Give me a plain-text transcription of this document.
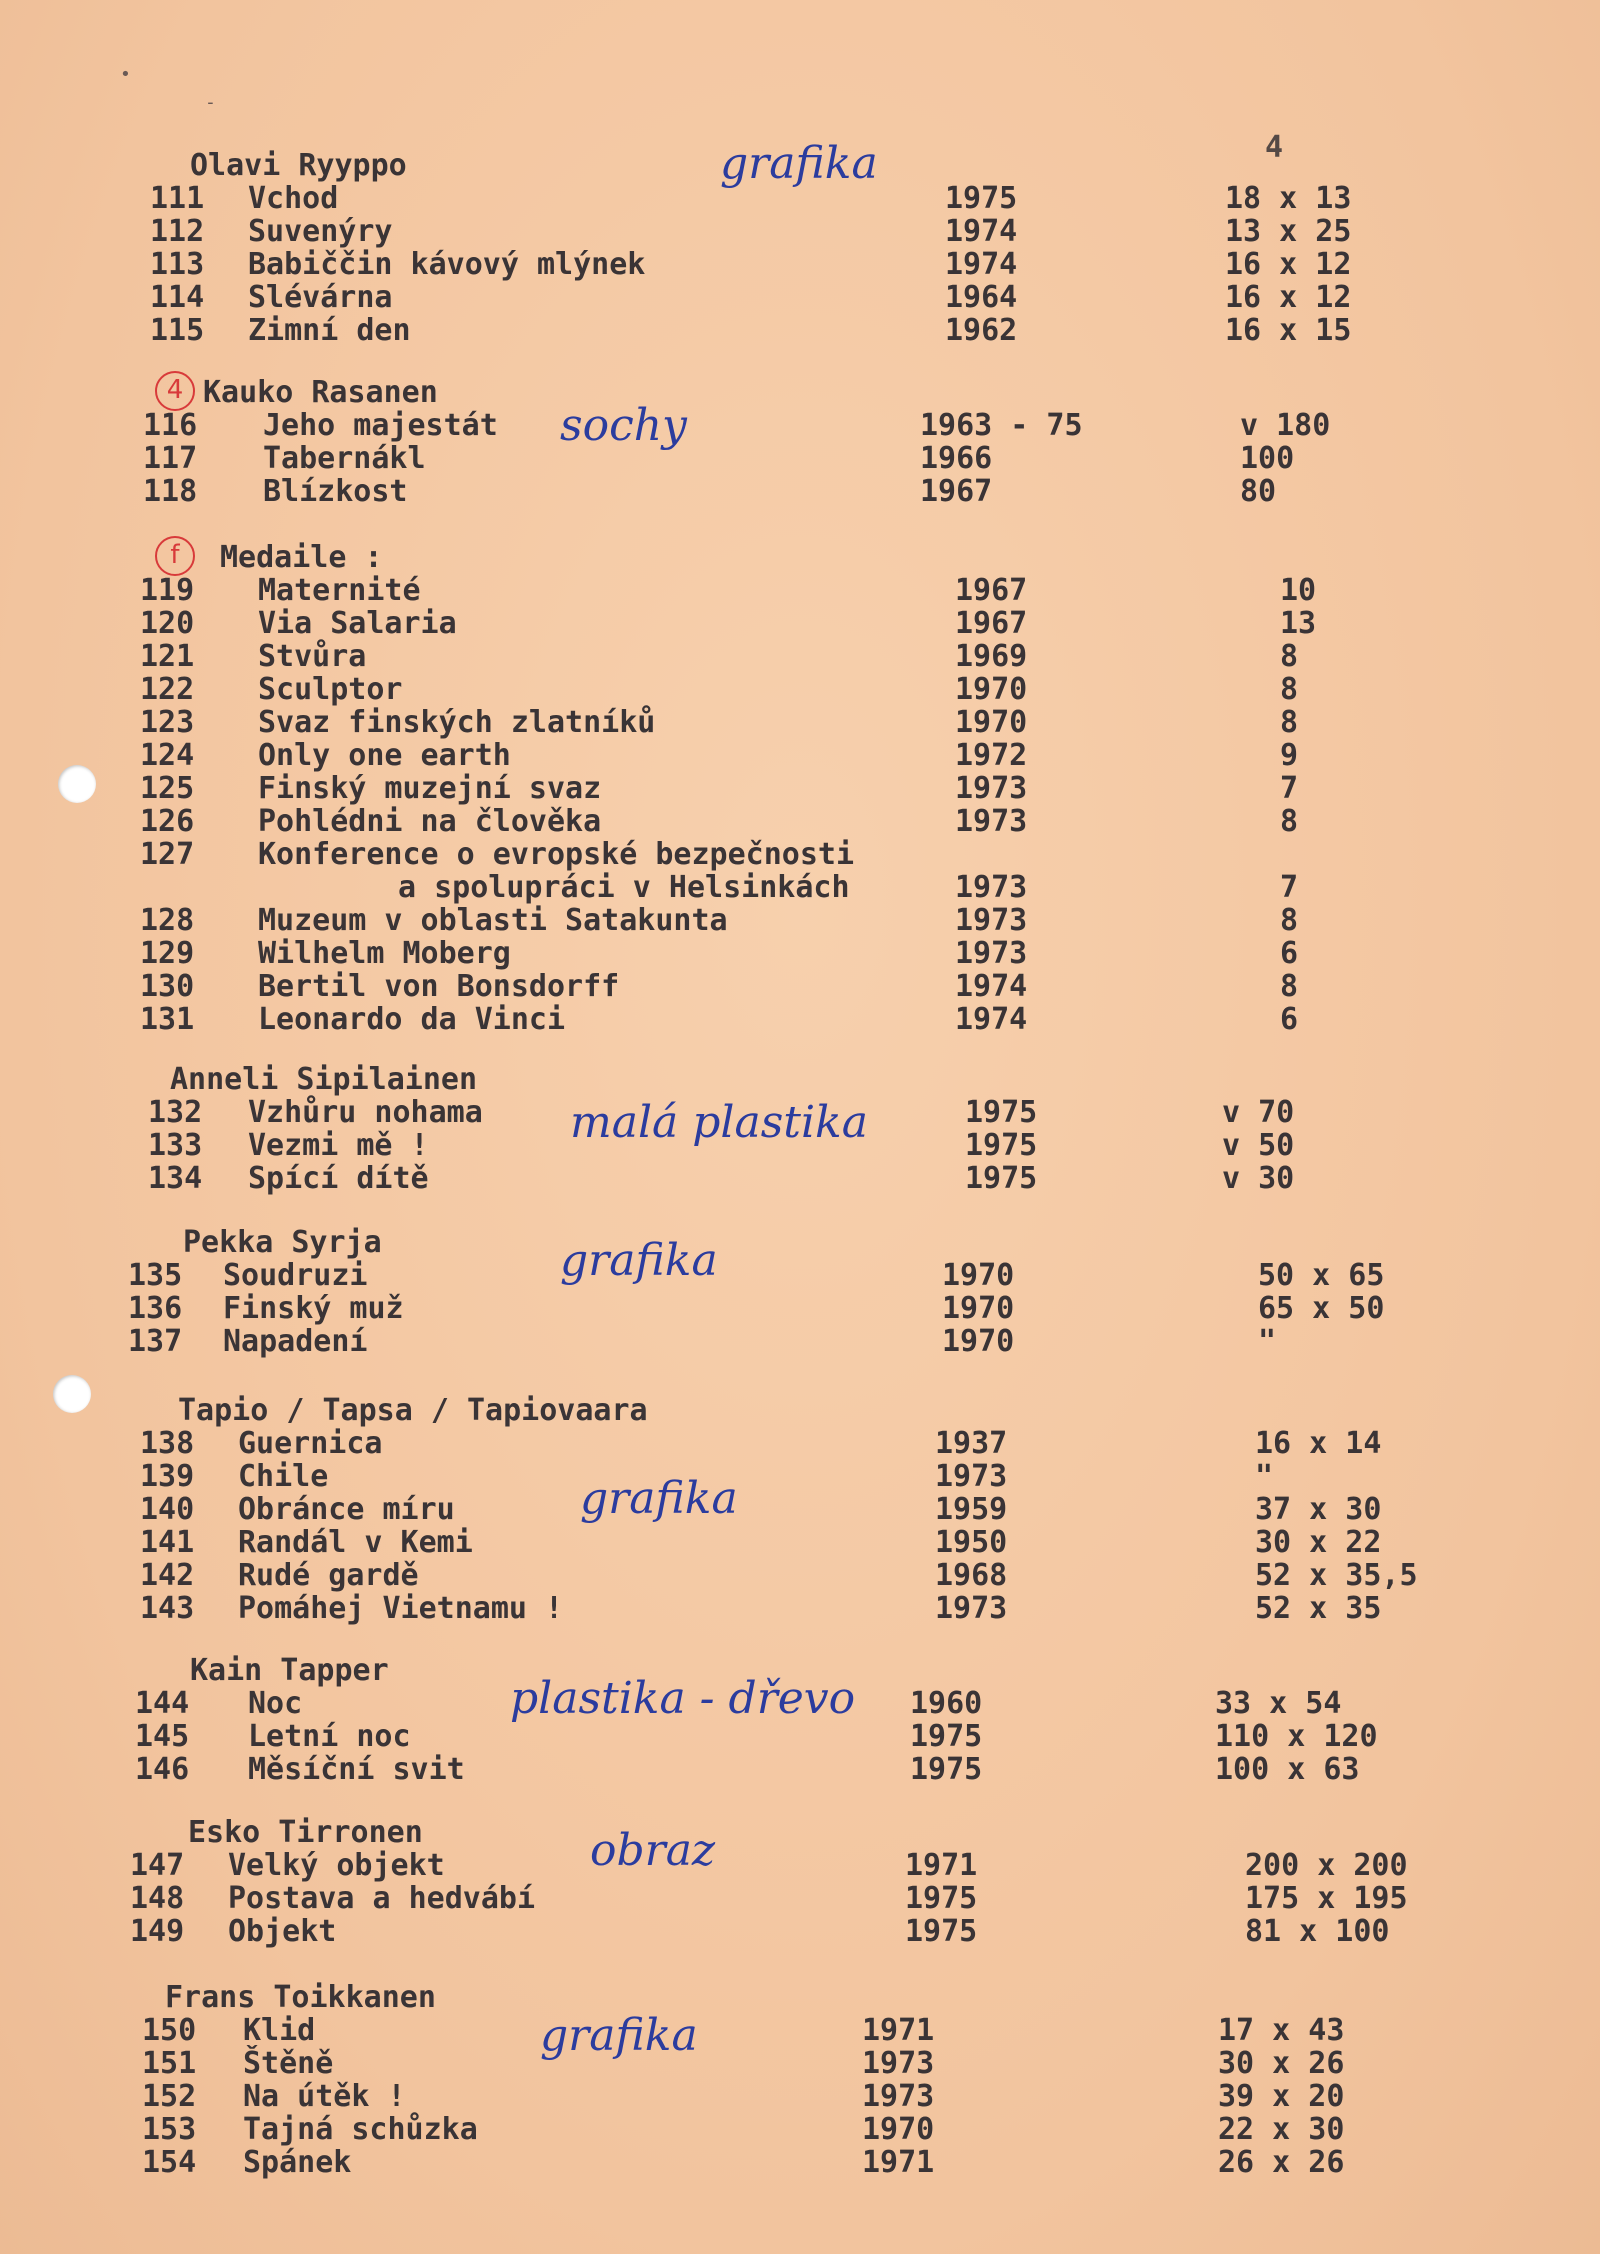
•
-
4
Olavi Ryyppo	grafika
111 Vchod	1975	18 x 13
112 Suvenýry	1974	13 x 25
113 Babiččin kávový mlýnek	1974	16 x 12
114 Slévárna	1964	16 x 12
115 Zimní den	1962	16 x 15
4 Kauko Rasanen
sochy
116 Jeho majestát	1963 - 75	v 180
117 Tabernákl	1966	100
118 Blízkost	1967	80
f	Medaile :
119 Maternité	1967	10
120 Via Salaria	1967	13
121 Stvůra	1969	8
122 Sculptor	1970	8
123 Svaz finských zlatníků	1970	8
124 Only one earth	1972	9
125 Finský muzejní svaz	1973	7
126 Pohlédni na člověka	1973	8
127 Konference o evropské bezpečnosti
a spolupráci v Helsinkách	1973	7
128 Muzeum v oblasti Satakunta	1973	8
129 Wilhelm Moberg	1973	6
130 Bertil von Bonsdorff	1974	8
131 Leonardo da Vinci	1974	6
Anneli Sipilainen
malá plastika
132 Vzhůru nohama	1975	v 70
133 Vezmi mě !	1975	v 50
134 Spící dítě	1975	v 30
Pekka Syrja	grafika
135 Soudruzi	1970	50 x 65
136 Finský muž	1970	65 x 50
137 Napadení	1970	"
Tapio / Tapsa / Tapiovaara
grafika
138 Guernica	1937	16 x 14
139 Chile	1973	"
140 Obránce míru	1959	37 x 30
141 Randál v Kemi	1950	30 x 22
142 Rudé gardě	1968	52 x 35,5
143 Pomáhej Vietnamu !	1973	52 x 35
Kain Tapper
plastika - dřevo
144 Noc	1960	33 x 54
145 Letní noc	1975	110 x 120
146 Měsíční svit	1975	100 x 63
Esko Tirronen	obraz
147 Velký objekt	1971	200 x 200
148 Postava a hedvábí	1975	175 x 195
149 Objekt	1975	81 x 100
Frans Toikkanen
grafika
150 Klid	1971	17 x 43
151 Štěně	1973	30 x 26
152 Na útěk !	1973	39 x 20
153 Tajná schůzka	1970	22 x 30
154 Spánek	1971	26 x 26
